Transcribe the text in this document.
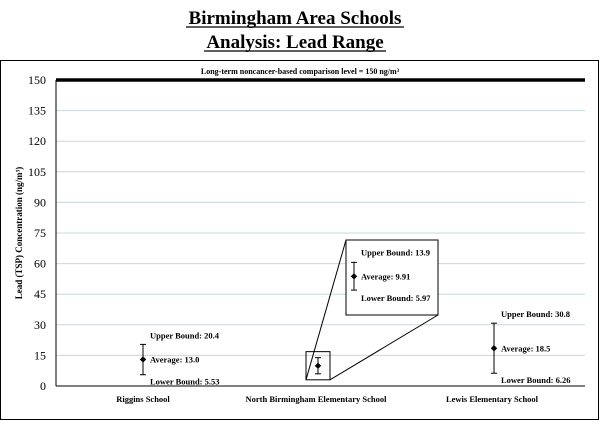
Birmingham Area Schools
Analysis: Lead Range
Lead (TSP) Concentration (ng/m³)
0
15
30
45
60
75
90
105
120
135
150
Long-term noncancer-based comparison level = 150 ng/m³
Riggins School	North Birmingham Elementary School	Lewis Elementary School
Upper Bound: 20.4
Average: 13.0
Lower Bound: 5.53
Upper Bound: 30.8
Average: 18.5
Lower Bound: 6.26
Upper Bound: 13.9
Average: 9.91
Lower Bound: 5.97
